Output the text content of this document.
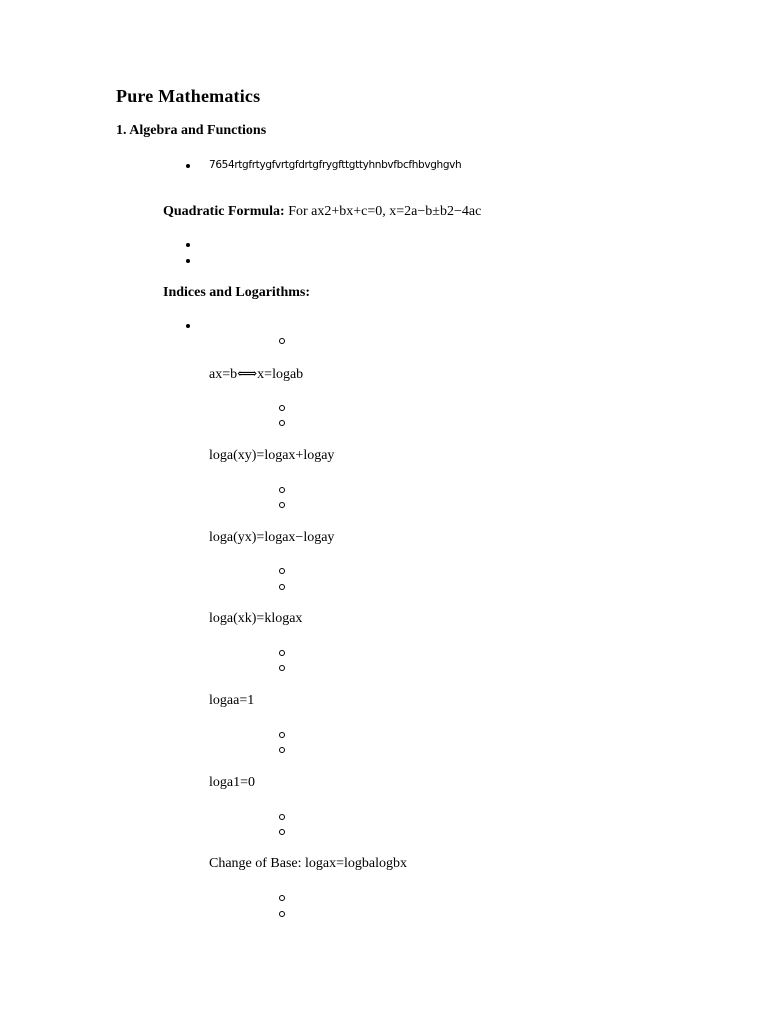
Pure Mathematics
1. Algebra and Functions

7654rtgfrtygfvrtgfdrtgfrygfttgttyhnbvfbcfhbvghgvh

Quadratic Formula: For ax2+bx+c=0, x=2a−b±b2−4ac

Indices and Logarithms:

ax=b⟺x=logab

loga(xy)=logax+logay

loga(yx)=logax−logay

loga(xk)=klogax

logaa=1

loga1=0

Change of Base: logax=logbalogbx
